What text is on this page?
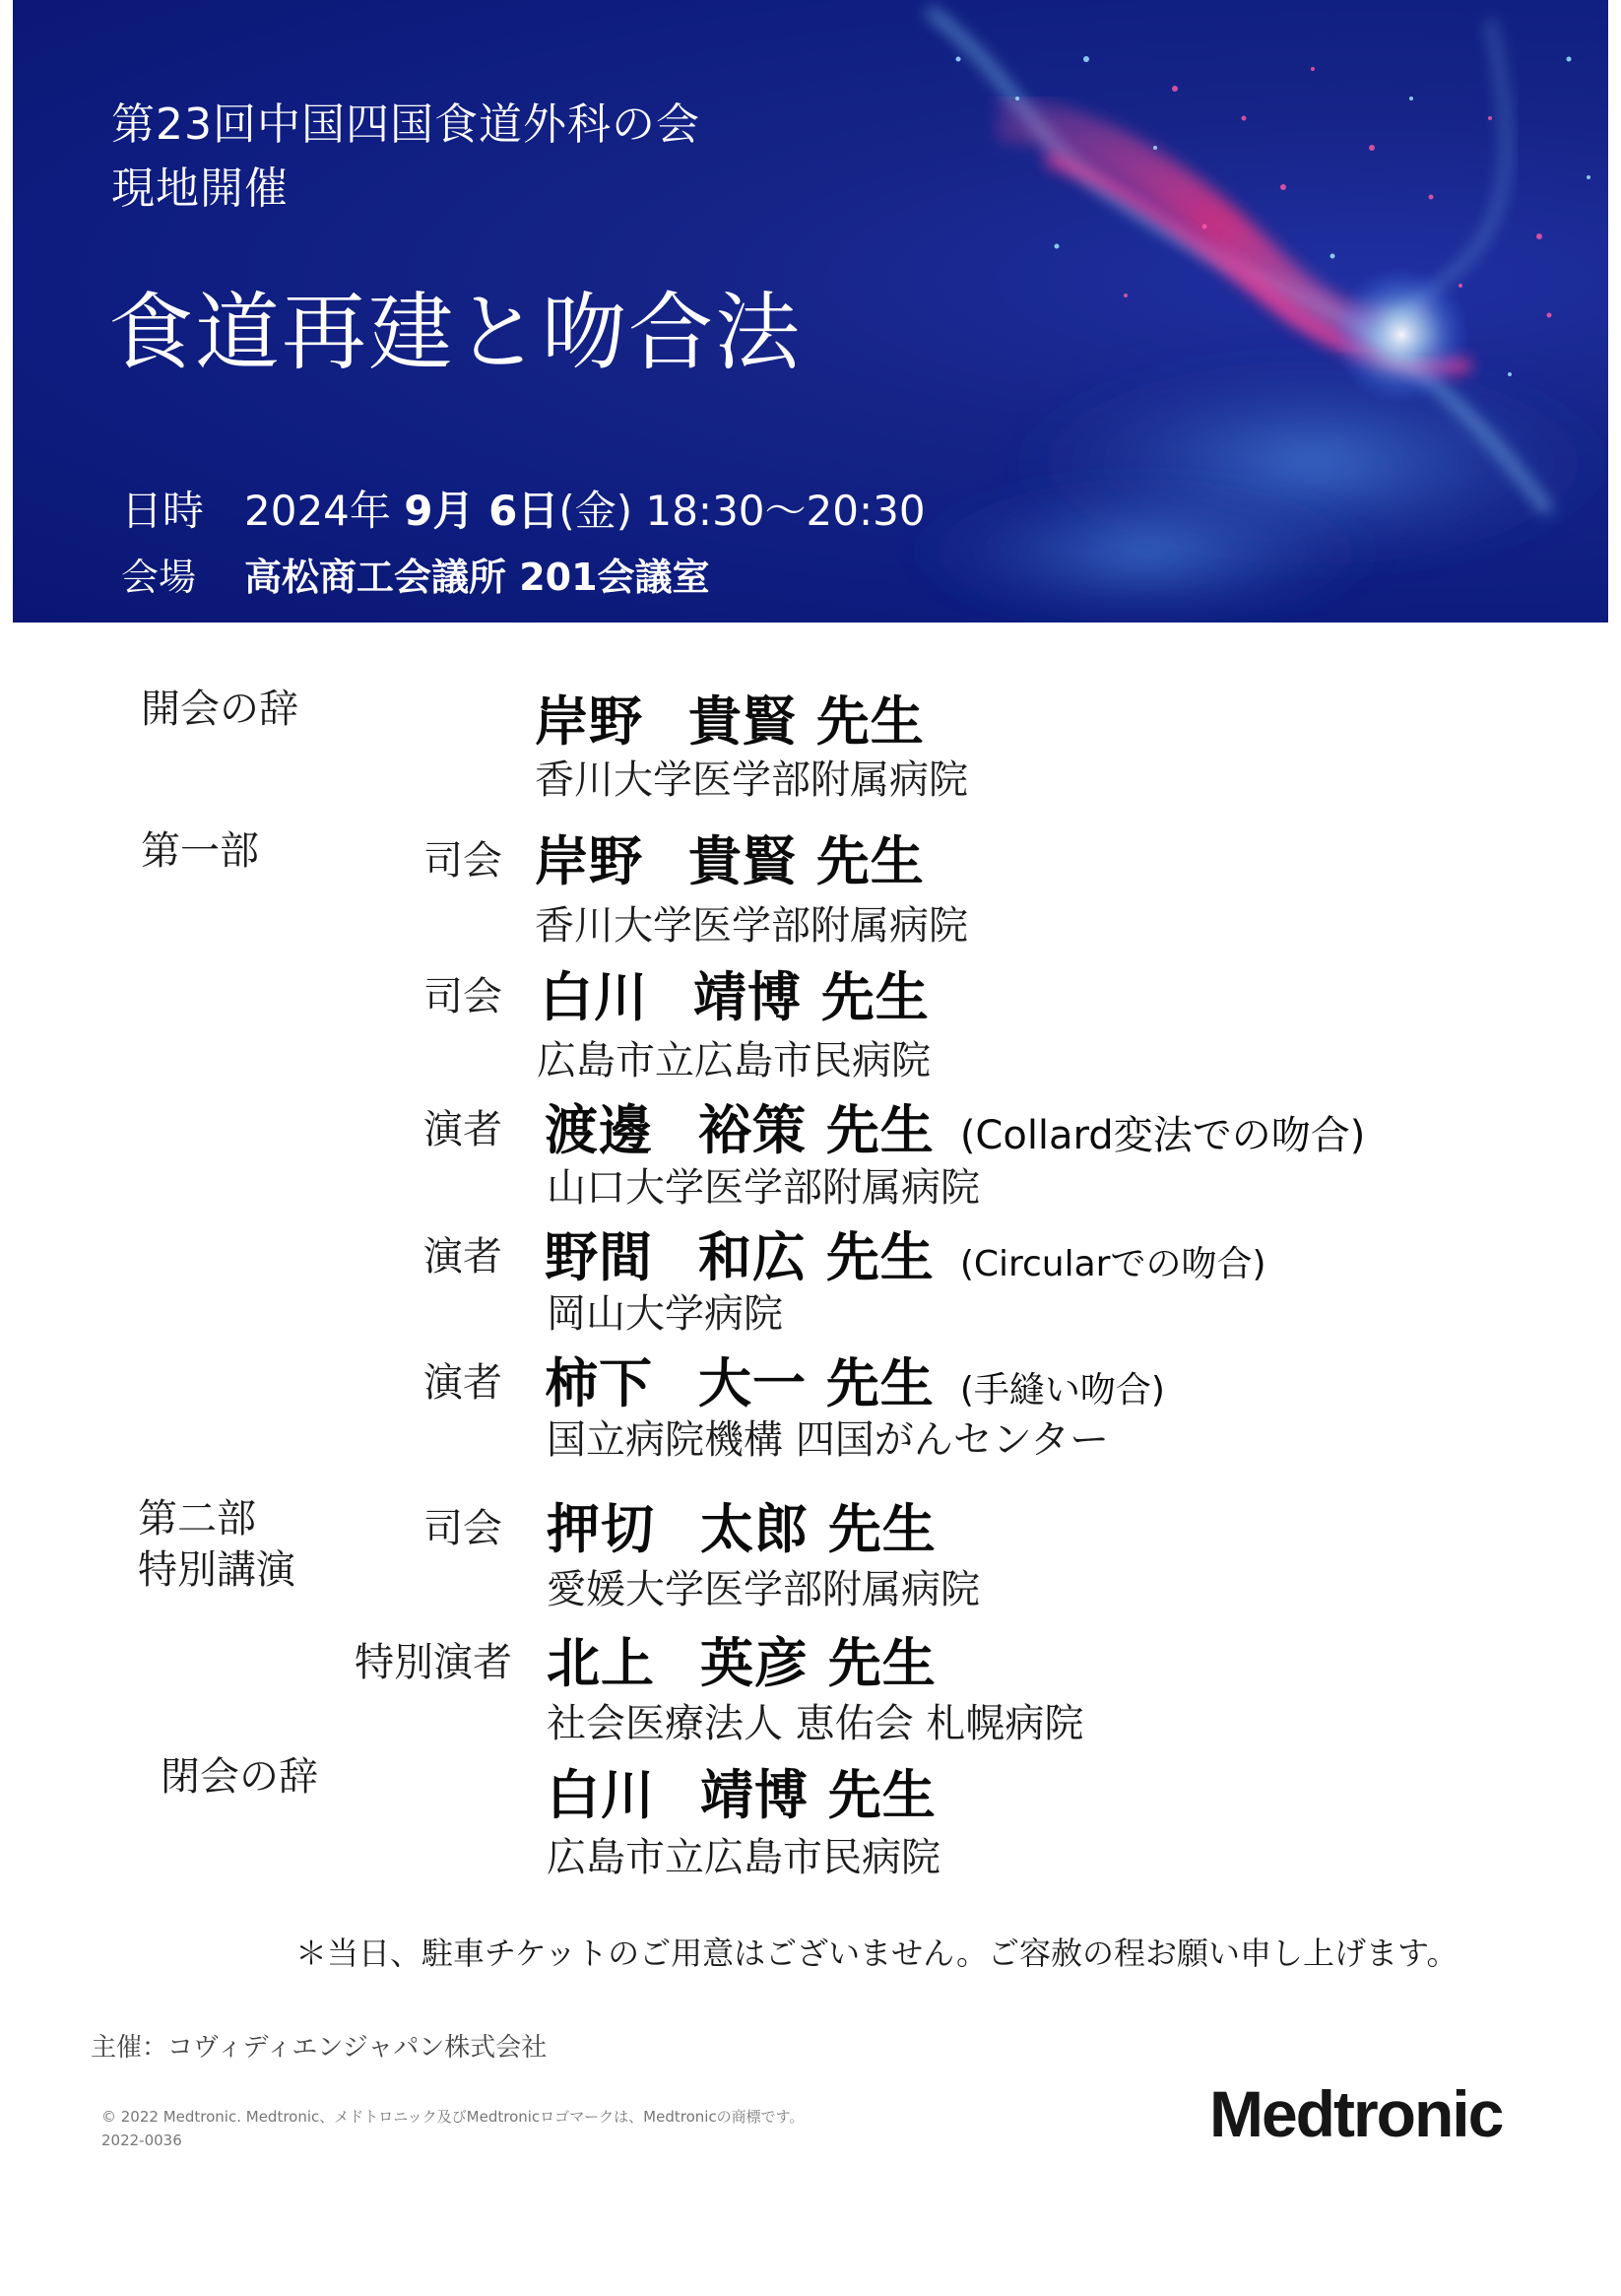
第23回中国四国食道外科の会
現地開催
食道再建と吻合法
日時 2024年 9月 6日(金) 18:30〜20:30
会場 高松商工会議所 201会議室
開会の辞	岸野 貴賢 先生
香川大学医学部附属病院
第一部	司会 岸野 貴賢 先生
香川大学医学部附属病院
司会 白川 靖博 先生
広島市立広島市民病院
演者 渡邊 裕策 先生 (Collard変法での吻合)
山口大学医学部附属病院
演者 野間 和広 先生 (Circularでの吻合)
岡山大学病院
演者 柿下 大一 先生 (手縫い吻合)
国立病院機構 四国がんセンター
第二部
特別講演
司会 押切 太郎 先生
愛媛大学医学部附属病院
特別演者 北上 英彦 先生
社会医療法人 恵佑会 札幌病院
閉会の辞	白川 靖博 先生
広島市立広島市民病院
＊当日、駐車チケットのご用意はございません。ご容赦の程お願い申し上げます。
主催：コヴィディエンジャパン株式会社
© 2022 Medtronic. Medtronic、メドトロニック及びMedtronicロゴマークは、Medtronicの商標です。
2022-0036	Medtronic
